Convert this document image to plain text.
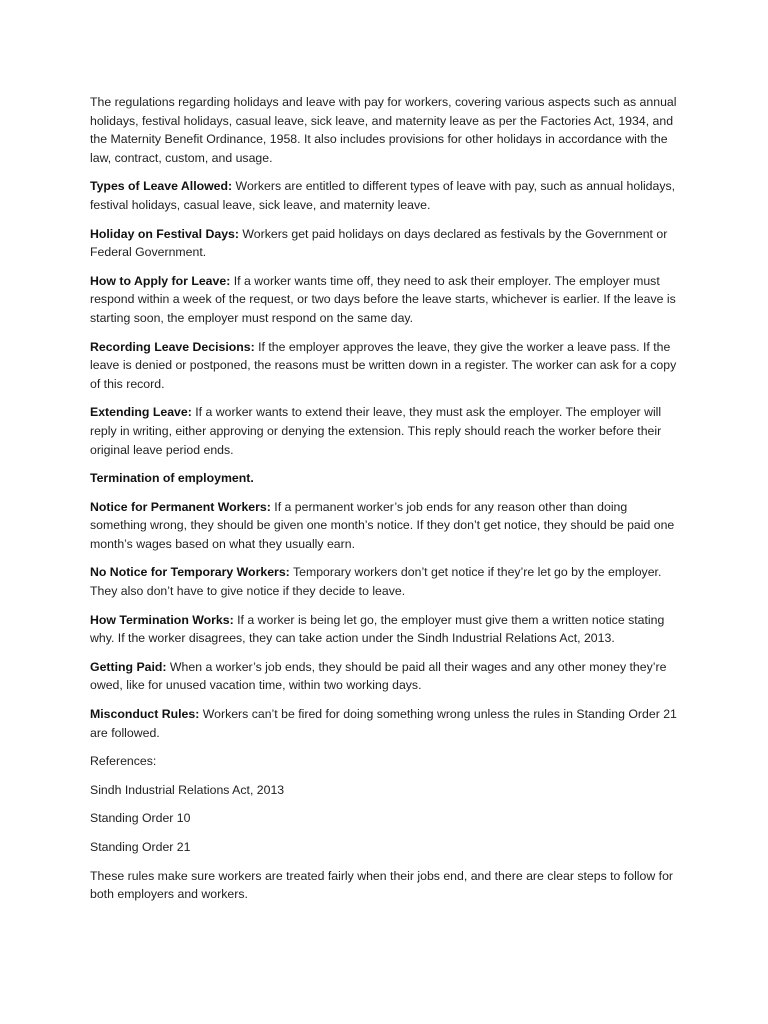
The regulations regarding holidays and leave with pay for workers, covering various aspects such as annual holidays, festival holidays, casual leave, sick leave, and maternity leave as per the Factories Act, 1934, and the Maternity Benefit Ordinance, 1958. It also includes provisions for other holidays in accordance with the law, contract, custom, and usage.

Types of Leave Allowed: Workers are entitled to different types of leave with pay, such as annual holidays, festival holidays, casual leave, sick leave, and maternity leave.

Holiday on Festival Days: Workers get paid holidays on days declared as festivals by the Government or Federal Government.

How to Apply for Leave: If a worker wants time off, they need to ask their employer. The employer must respond within a week of the request, or two days before the leave starts, whichever is earlier. If the leave is starting soon, the employer must respond on the same day.

Recording Leave Decisions: If the employer approves the leave, they give the worker a leave pass. If the leave is denied or postponed, the reasons must be written down in a register. The worker can ask for a copy of this record.

Extending Leave: If a worker wants to extend their leave, they must ask the employer. The employer will reply in writing, either approving or denying the extension. This reply should reach the worker before their original leave period ends.

Termination of employment.

Notice for Permanent Workers: If a permanent worker’s job ends for any reason other than doing something wrong, they should be given one month’s notice. If they don’t get notice, they should be paid one month’s wages based on what they usually earn.

No Notice for Temporary Workers: Temporary workers don’t get notice if they’re let go by the employer. They also don’t have to give notice if they decide to leave.

How Termination Works: If a worker is being let go, the employer must give them a written notice stating why. If the worker disagrees, they can take action under the Sindh Industrial Relations Act, 2013.

Getting Paid: When a worker’s job ends, they should be paid all their wages and any other money they’re owed, like for unused vacation time, within two working days.

Misconduct Rules: Workers can’t be fired for doing something wrong unless the rules in Standing Order 21 are followed.

References:

Sindh Industrial Relations Act, 2013

Standing Order 10

Standing Order 21

These rules make sure workers are treated fairly when their jobs end, and there are clear steps to follow for both employers and workers.
